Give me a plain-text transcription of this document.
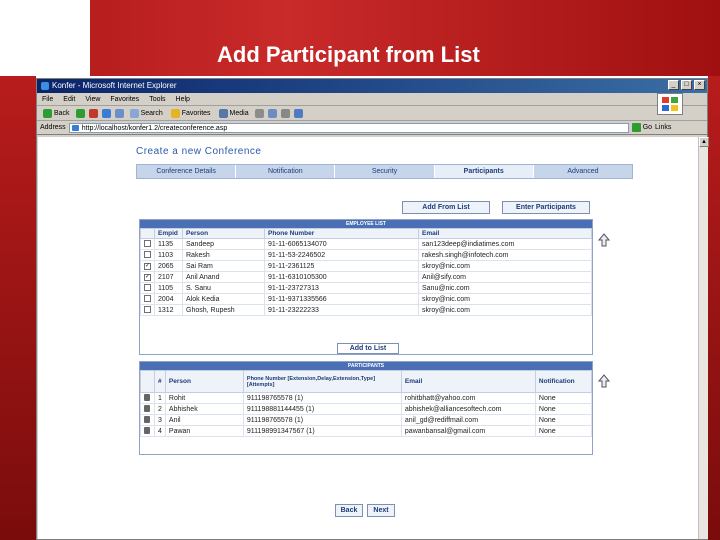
Add Participant from List
Konfer - Microsoft Internet Explorer	_	□	×
File Edit View Favorites Tools Help
Back	Search	Favorites	Media
Address	http://localhost/konfer1.2/createconference.asp	Go Links
Create a new Conference
Conference Details	Notification	Security	Participants	Advanced
Add From List	Enter Participants
EMPLOYEE LIST
	Empid	Person	Phone Number	Email
	1135	Sandeep	91-11-6065134070	san123deep@indiatimes.com
	1103	Rakesh	91-11-53-2246502	rakesh.singh@infotech.com
✓	2065	Sai Ram	91-11-2361125	skroy@nic.com
✓	2107	Anil Anand	91-11-6310105300	Anil@sify.com
	1105	S. Sanu	91-11-23727313	Sanu@nic.com
	2004	Alok Kedia	91-11-9371335566	skroy@nic.com
	1312	Ghosh, Rupesh	91-11-23222233	skroy@nic.com
Add to List
PARTICIPANTS
	#	Person	Phone Number [Extension,Delay,Extension,Type] [Attempts]	Email	Notification
	1	Rohit	911198765578 (1)	rohitbhatt@yahoo.com	None
	2	Abhishek	911198881144455 (1)	abhishek@alliancesoftech.com	None
	3	Anil	911198765578 (1)	anil_gd@rediffmail.com	None
	4	Pawan	911198991347567 (1)	pawanbansal@gmail.com	None
Back	Next
▲
